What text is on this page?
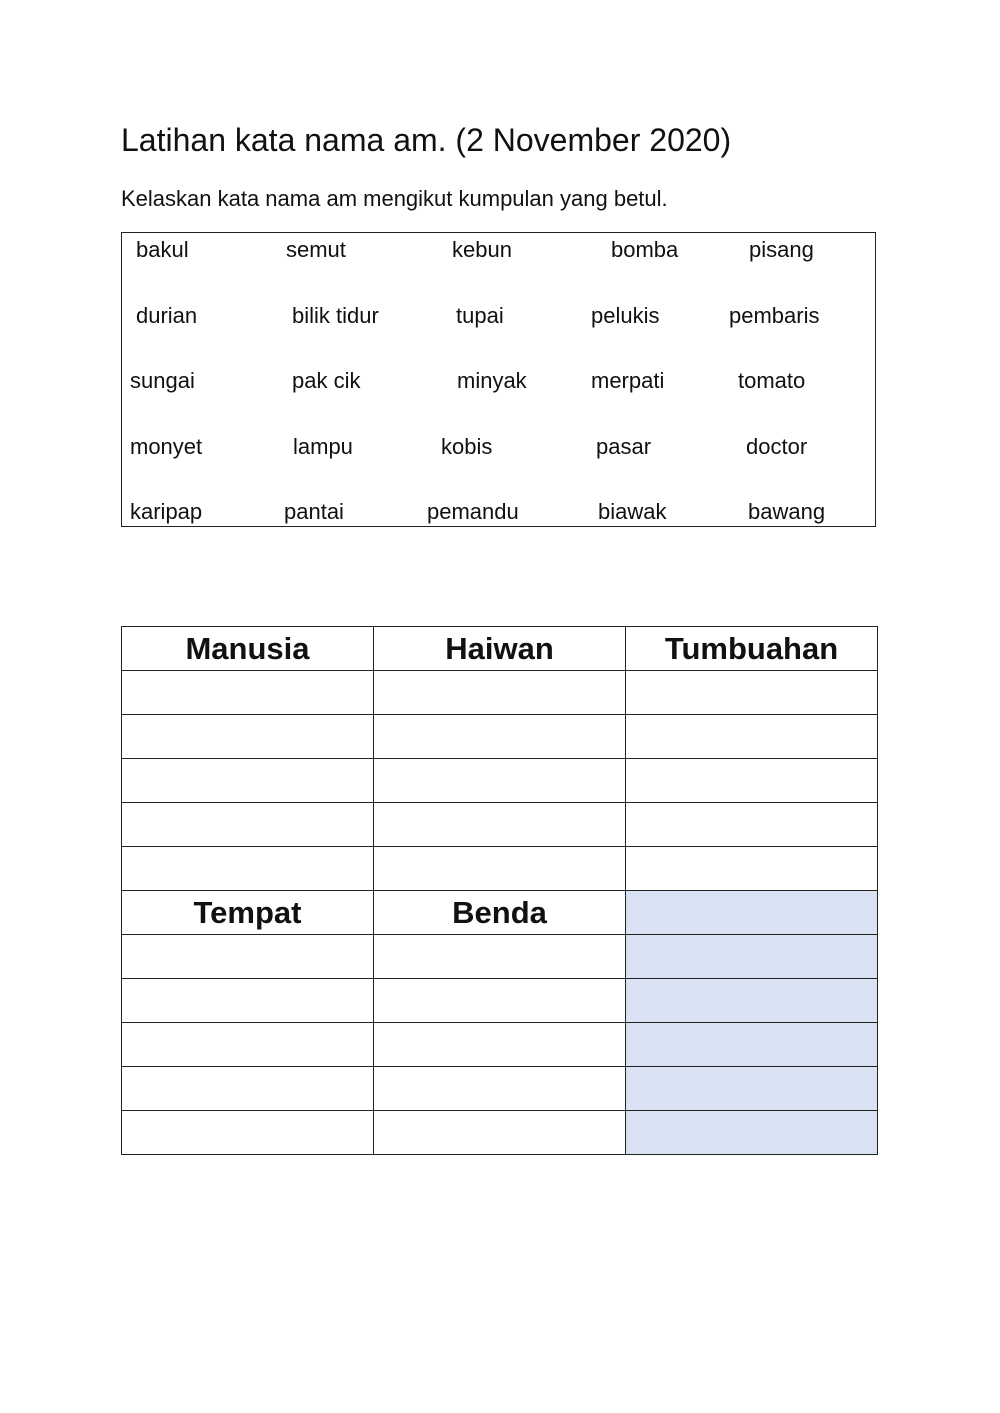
Latihan kata nama am. (2 November 2020)

Kelaskan kata nama am mengikut kumpulan yang betul.

bakul	semut	kebun	bomba	pisang
durian	bilik tidur	tupai	pelukis	pembaris
sungai	pak cik	minyak	merpati	tomato
monyet	lampu	kobis	pasar	doctor
karipap	pantai	pemandu	biawak	bawang
Manusia	Haiwan	Tumbuahan

Tempat	Benda	
